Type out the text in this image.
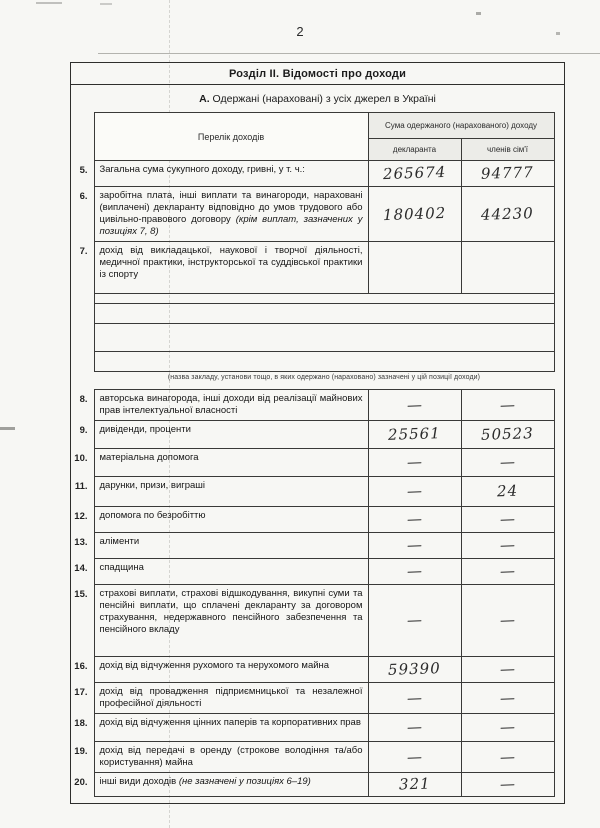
2
Розділ II. Відомості про доходи
А. Одержані (нараховані) з усіх джерел в Україні
	Перелік доходів	Сума одержаного (нарахованого) доходу	
		декларанта	членів сім'ї
5.	Загальна сума сукупного доходу, гривні, у т. ч.:	265674	94777
6.	заробітна плата, інші виплати та винагороди, нараховані (виплачені) декларанту відповідно до умов трудового або цивільно-правового договору (крім виплат, зазначених у позиціях 7, 8)	180402	44230
7.	дохід від викладацької, наукової і творчої діяльності, медичної практики, інструкторської та суддівської практики із спорту		

	(назва закладу, установи тощо, в яких одержано (нараховано) зазначені у цій позиції доходи)		
8.	авторська винагорода, інші доходи від реалізації майнових прав інтелектуальної власності	—	—
9.	дивіденди, проценти	25561	50523
10.	матеріальна допомога	—	—
11.	дарунки, призи, виграші	—	24
12.	допомога по безробіттю	—	—
13.	аліменти	—	—
14.	спадщина	—	—
15.	страхові виплати, страхові відшкодування, викупні суми та пенсійні виплати, що сплачені декларанту за договором страхування, недержавного пенсійного забезпечення та пенсійного вкладу	—	—
16.	дохід від відчуження рухомого та нерухомого майна	59390	—
17.	дохід від провадження підприємницької та незалежної професійної діяльності	—	—
18.	дохід від відчуження цінних паперів та корпоративних прав	—	—
19.	дохід від передачі в оренду (строкове володіння та/або користування) майна	—	—
20.	інші види доходів (не зазначені у позиціях 6–19)	321	—
